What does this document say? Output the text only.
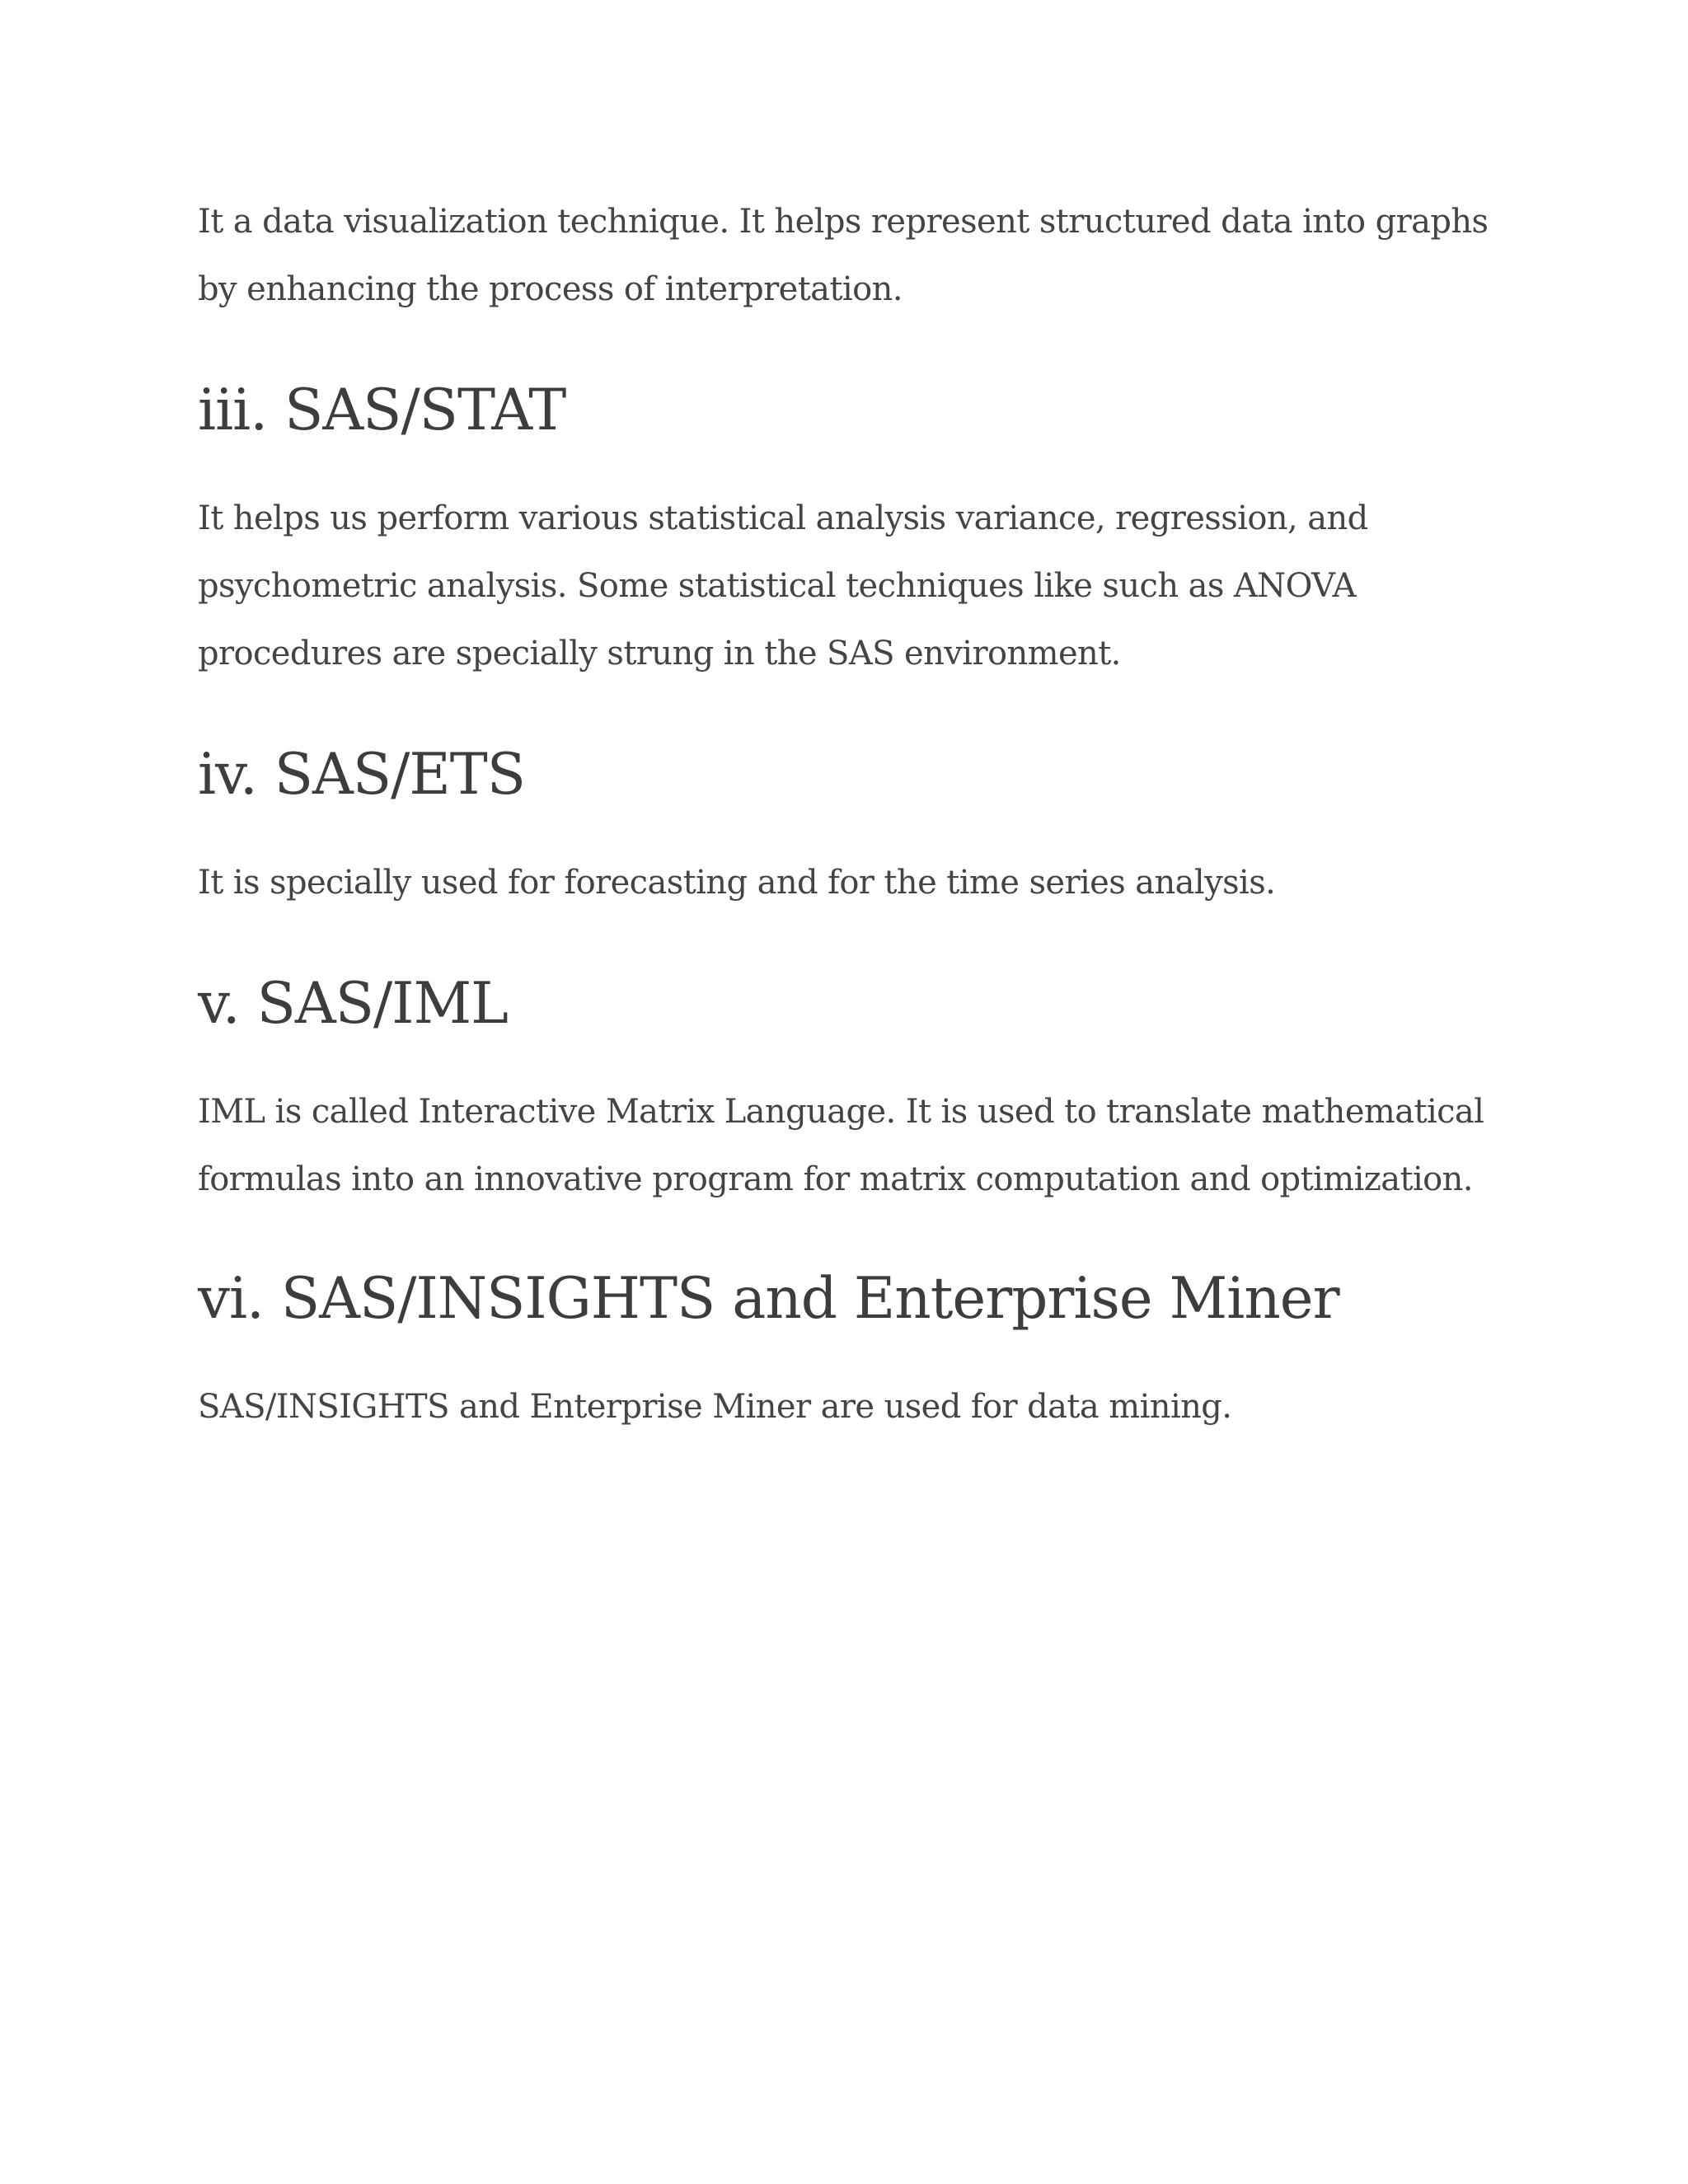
It a data visualization technique. It helps represent structured data into graphs by enhancing the process of interpretation.

iii. SAS/STAT

It helps us perform various statistical analysis variance, regression, and psychometric analysis. Some statistical techniques like such as ANOVA procedures are specially strung in the SAS environment.

iv. SAS/ETS

It is specially used for forecasting and for the time series analysis.

v. SAS/IML

IML is called Interactive Matrix Language. It is used to translate mathematical formulas into an innovative program for matrix computation and optimization.

vi. SAS/INSIGHTS and Enterprise Miner

SAS/INSIGHTS and Enterprise Miner are used for data mining.
